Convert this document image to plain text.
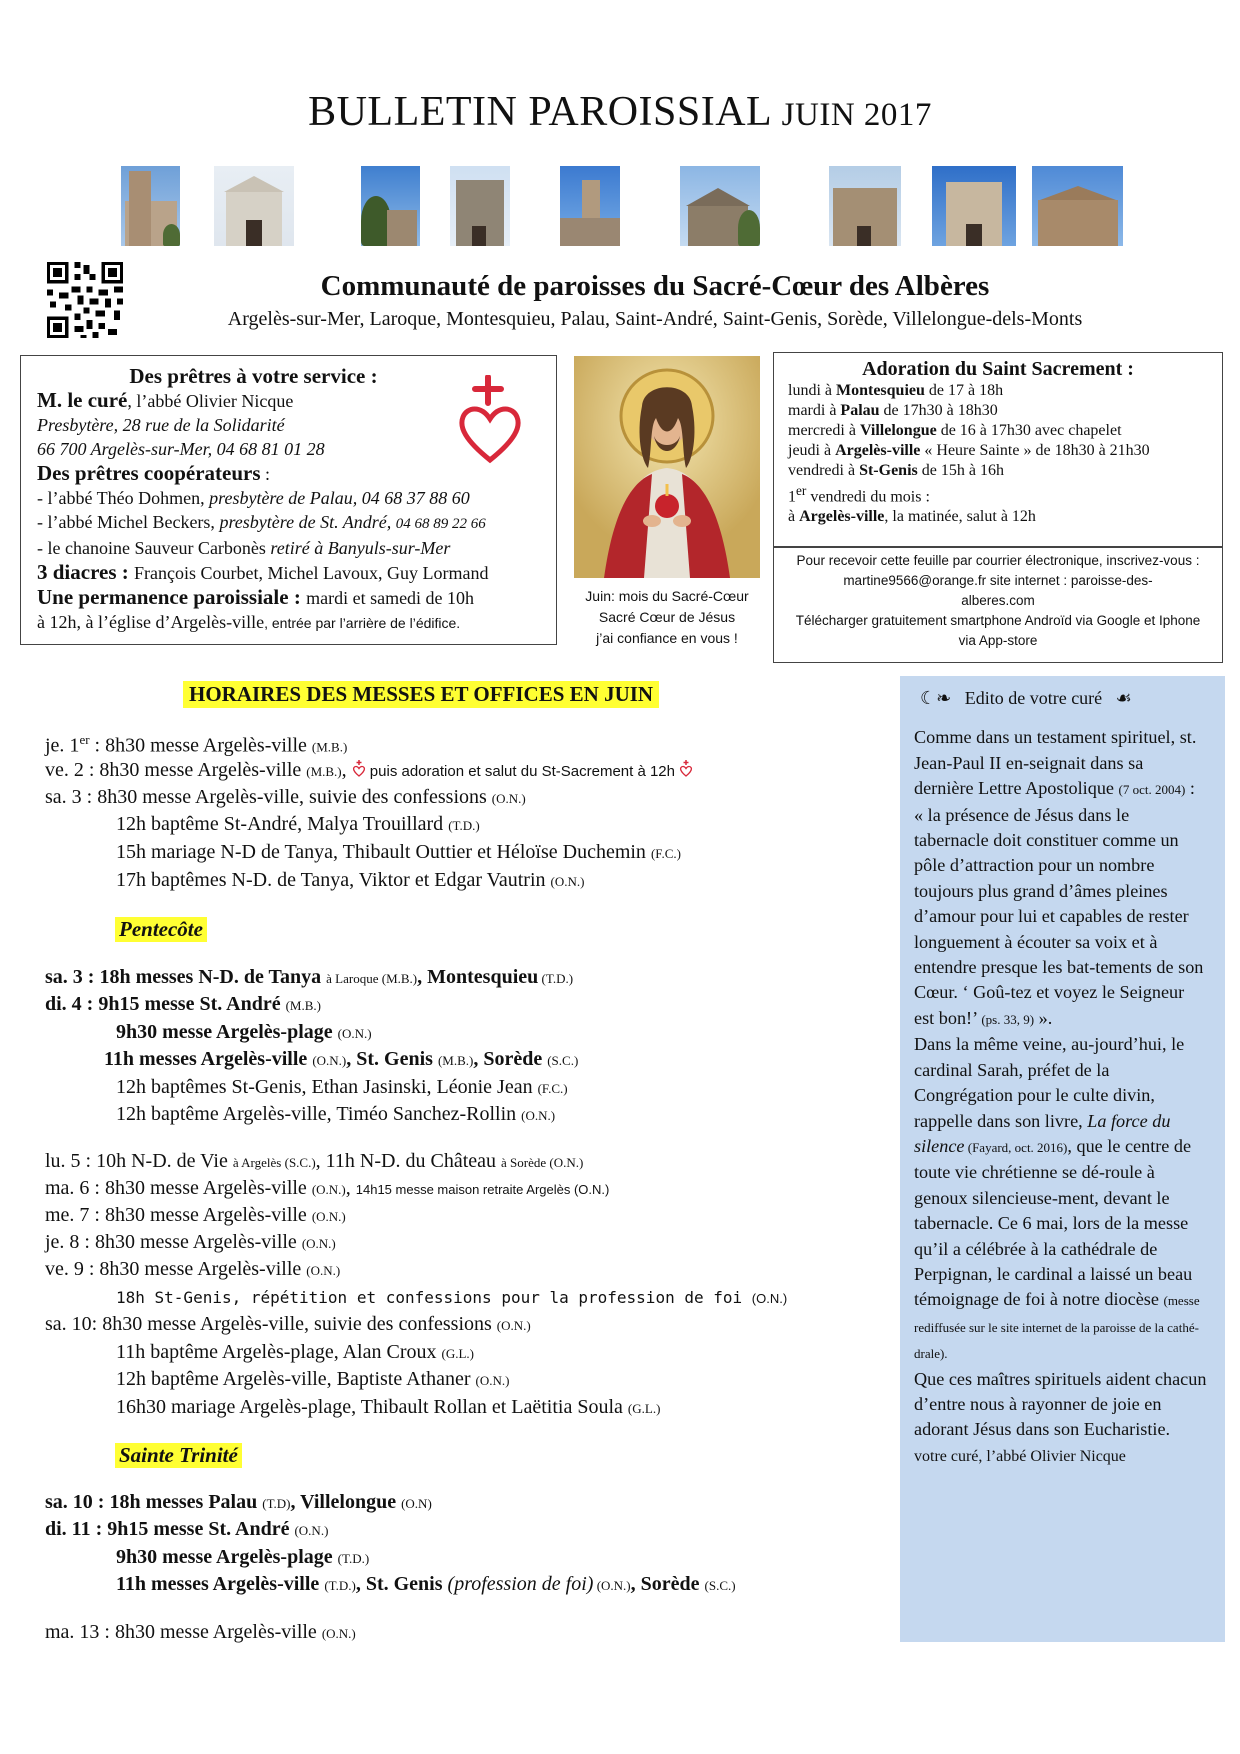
BULLETIN PAROISSIAL JUIN 2017
Communauté de paroisses du Sacré-Cœur des Albères
Argelès-sur-Mer, Laroque, Montesquieu, Palau, Saint-André, Saint-Genis, Sorède, Villelongue-dels-Monts
Des prêtres à votre service :
M. le curé, l’abbé Olivier Nicque
Presbytère, 28 rue de la Solidarité
66 700 Argelès-sur-Mer, 04 68 81 01 28
Des prêtres coopérateurs :
- l’abbé Théo Dohmen, presbytère de Palau, 04 68 37 88 60
- l’abbé Michel Beckers, presbytère de St. André, 04 68 89 22 66
- le chanoine Sauveur Carbonès retiré à Banyuls-sur-Mer
3 diacres : François Courbet, Michel Lavoux, Guy Lormand
Une permanence paroissiale : mardi et samedi de 10h
à 12h, à l’église d’Argelès-ville, entrée par l’arrière de l’édifice.
Juin: mois du Sacré-Cœur
Sacré Cœur de Jésus
j’ai confiance en vous !
Adoration du Saint Sacrement :
lundi à Montesquieu de 17 à 18h
mardi à Palau de 17h30 à 18h30
mercredi à Villelongue de 16 à 17h30 avec chapelet
jeudi à Argelès-ville « Heure Sainte » de 18h30 à 21h30
vendredi à St-Genis de 15h à 16h
1er vendredi du mois :
à Argelès-ville, la matinée, salut à 12h
Pour recevoir cette feuille par courrier électronique, inscrivez-vous :
martine9566@orange.fr site internet : paroisse-des-
alberes.com
Télécharger gratuitement smartphone Androïd via Google et Iphone
via App-store
HORAIRES DES MESSES ET OFFICES EN JUIN
je. 1er : 8h30 messe Argelès-ville (M.B.)
ve. 2 : 8h30 messe Argelès-ville (M.B.),  puis adoration et salut du St-Sacrement à 12h
sa. 3 : 8h30 messe Argelès-ville, suivie des confessions (O.N.)
12h baptême St-André, Malya Trouillard (T.D.)
15h mariage N-D de Tanya, Thibault Outtier et Héloïse Duchemin (F.C.)
17h baptêmes N-D. de Tanya, Viktor et Edgar Vautrin (O.N.)
Pentecôte
sa. 3 : 18h messes N-D. de Tanya à Laroque (M.B.), Montesquieu (T.D.)
di. 4 : 9h15 messe St. André (M.B.)
9h30 messe Argelès-plage (O.N.)
11h messes Argelès-ville (O.N.), St. Genis (M.B.), Sorède (S.C.)
12h baptêmes St-Genis, Ethan Jasinski, Léonie Jean (F.C.)
12h baptême Argelès-ville, Timéo Sanchez-Rollin (O.N.)
lu. 5 : 10h N-D. de Vie à Argelès (S.C.), 11h N-D. du Château à Sorède (O.N.)
ma. 6 : 8h30 messe Argelès-ville (O.N.), 14h15 messe maison retraite Argelès (O.N.)
me. 7 : 8h30 messe Argelès-ville (O.N.)
je. 8 : 8h30 messe Argelès-ville (O.N.)
ve. 9 : 8h30 messe Argelès-ville (O.N.)
18h St-Genis, répétition et confessions pour la profession de foi (O.N.)
sa. 10: 8h30 messe Argelès-ville, suivie des confessions (O.N.)
11h baptême Argelès-plage, Alan Croux (G.L.)
12h baptême Argelès-ville, Baptiste Athaner (O.N.)
16h30 mariage Argelès-plage, Thibault Rollan et Laëtitia Soula (G.L.)
Sainte Trinité
sa. 10 : 18h messes Palau (T.D), Villelongue (O.N)
di. 11 : 9h15 messe St. André (O.N.)
9h30 messe Argelès-plage (T.D.)
11h messes Argelès-ville (T.D.), St. Genis (profession de foi) (O.N.), Sorède (S.C.)
ma. 13 : 8h30 messe Argelès-ville (O.N.)
☾❧ Edito de votre curé ☙
Comme dans un testament spirituel, st. Jean-Paul II en-seignait dans sa dernière Lettre Apostolique (7 oct. 2004) : « la présence de Jésus dans le tabernacle doit constituer comme un pôle d’attraction pour un nombre toujours plus grand d’âmes pleines d’amour pour lui et capables de rester longuement à écouter sa voix et à entendre presque les bat-tements de son Cœur. ‘ Goû-tez et voyez le Seigneur est bon!’ (ps. 33, 9) ».
Dans la même veine, au-jourd’hui, le cardinal Sarah, préfet de la Congrégation pour le culte divin, rappelle dans son livre, La force du silence (Fayard, oct. 2016), que le centre de toute vie chrétienne se dé-roule à genoux silencieuse-ment, devant le tabernacle. Ce 6 mai, lors de la messe qu’il a célébrée à la cathédrale de Perpignan, le cardinal a laissé un beau témoignage de foi à notre diocèse (messe rediffusée sur le site internet de la paroisse de la cathé-drale).
Que ces maîtres spirituels aident chacun d’entre nous à rayonner de joie en adorant Jésus dans son Eucharistie.
votre curé, l’abbé Olivier Nicque
